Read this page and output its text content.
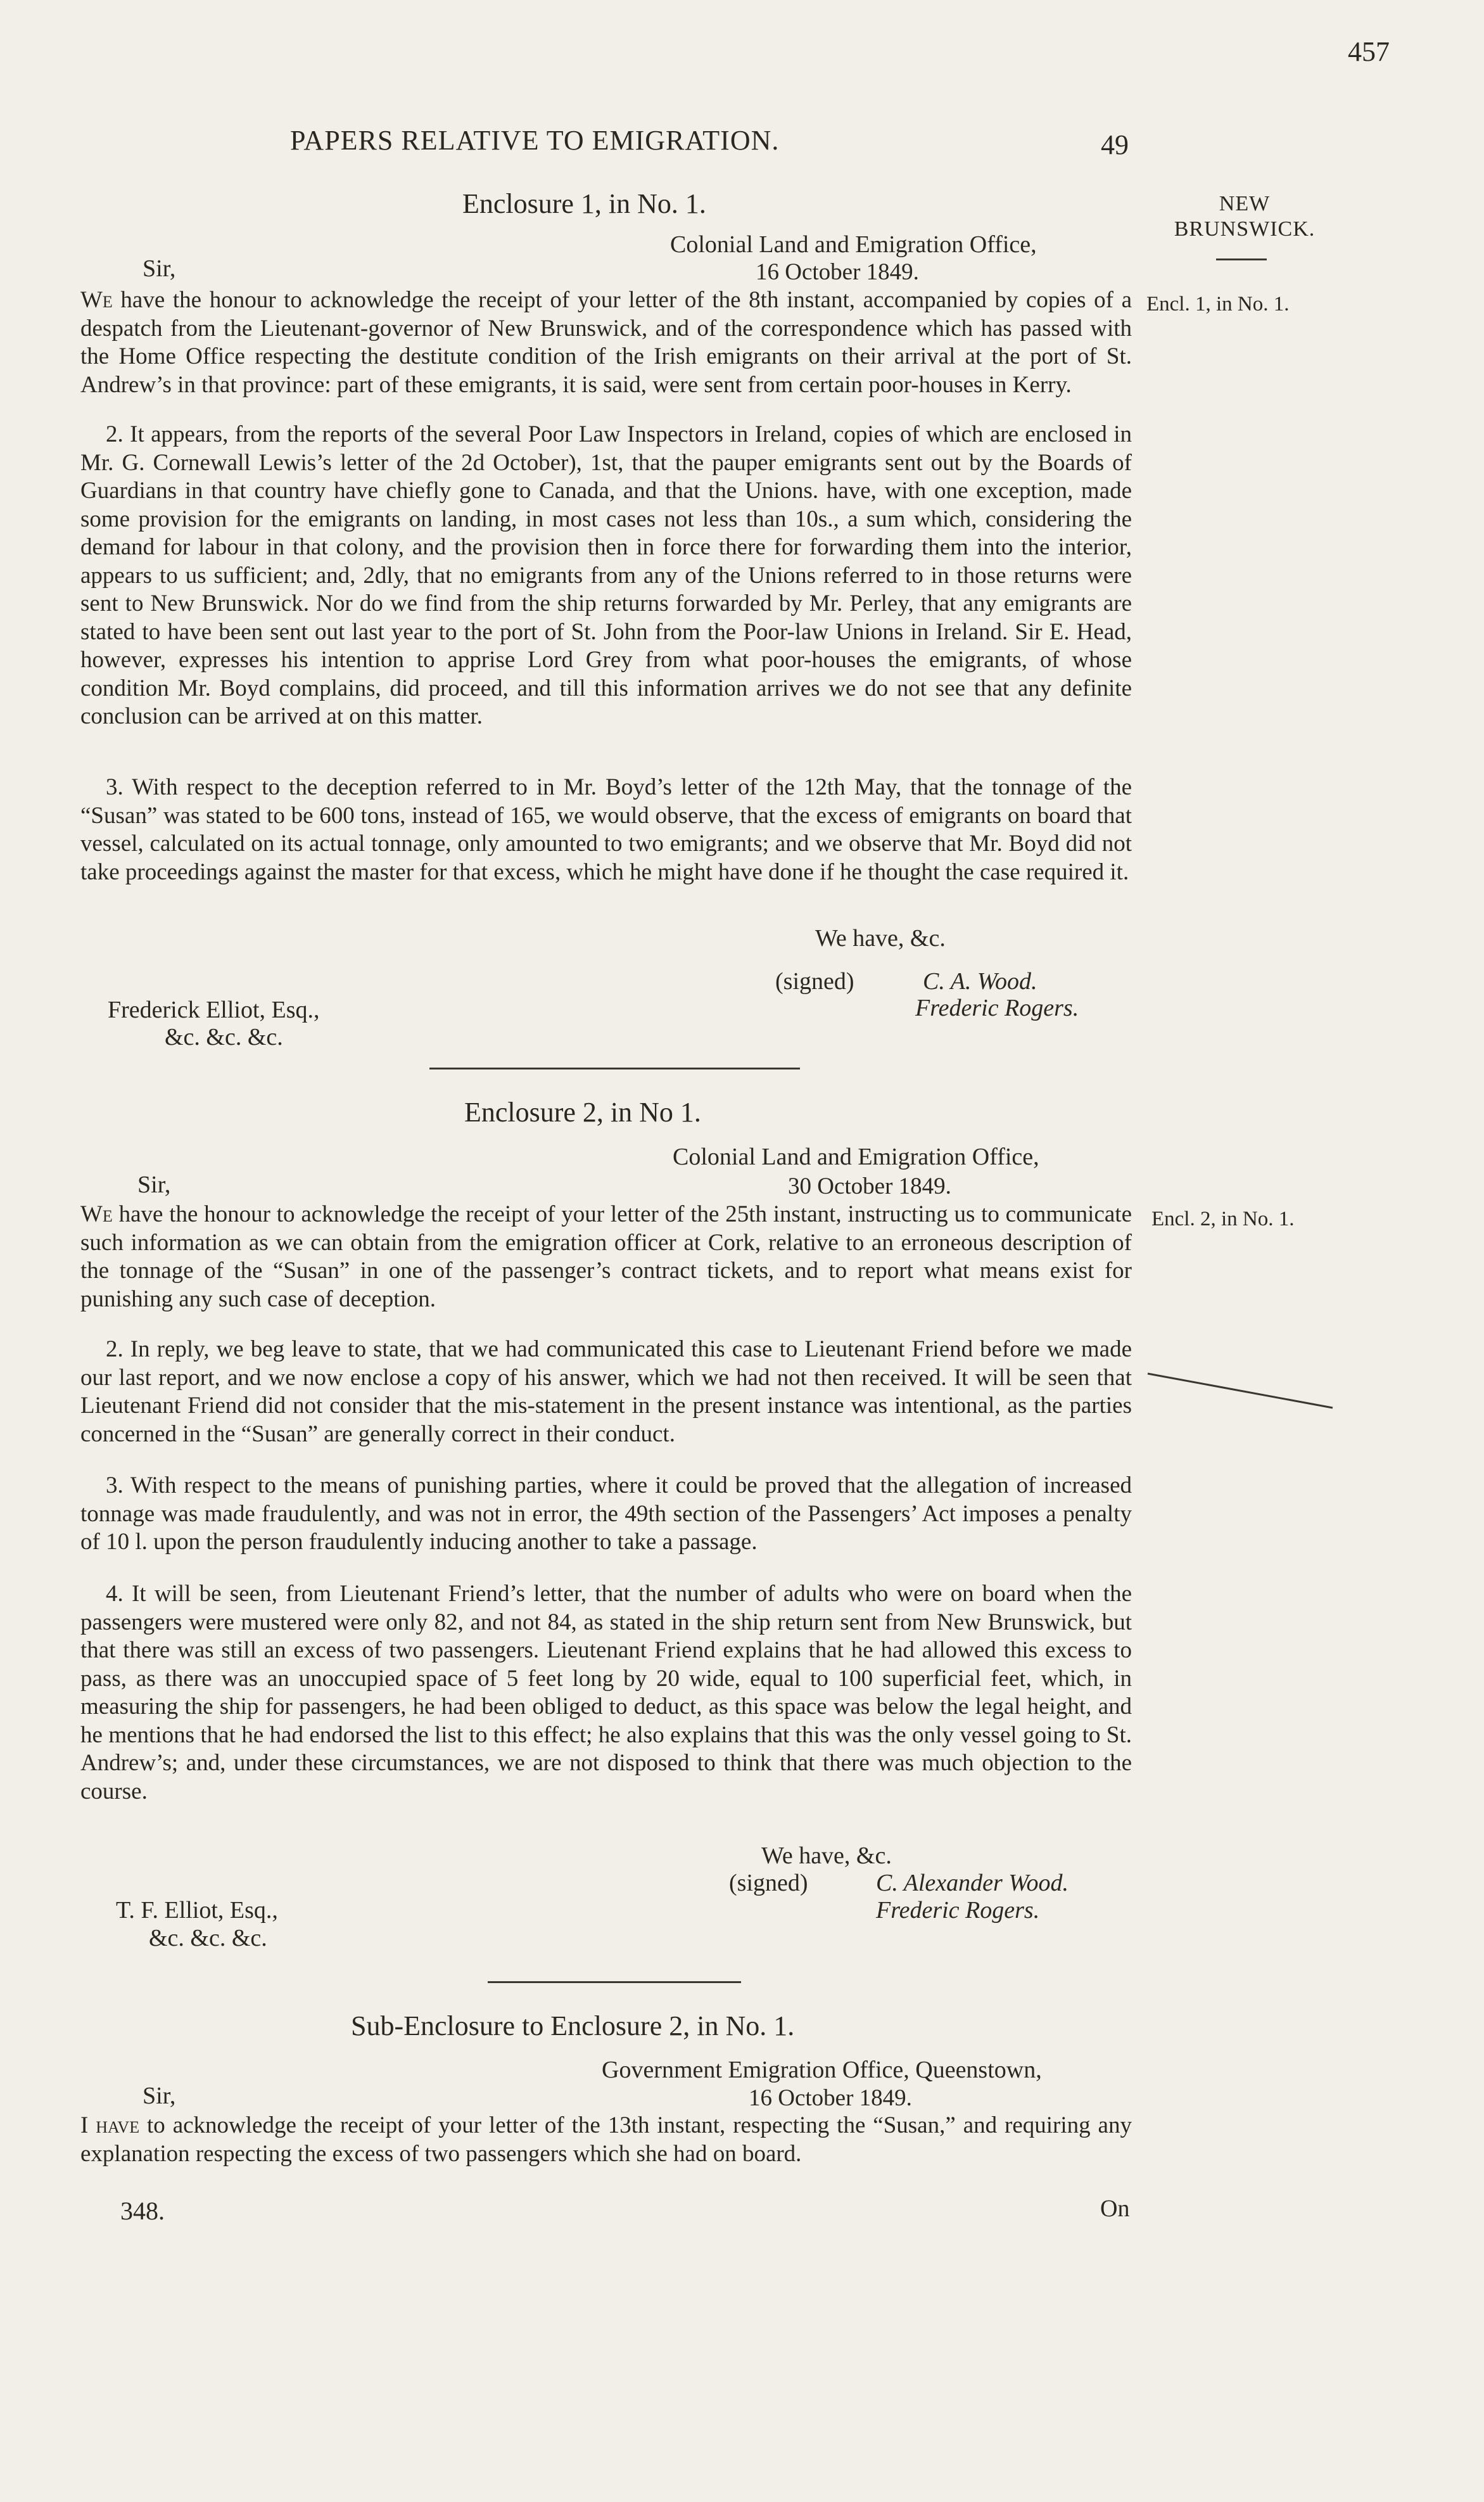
457
PAPERS RELATIVE TO EMIGRATION.	49
NEW
BRUNSWICK.
Encl. 1, in No. 1.
Encl. 2, in No. 1.
Enclosure 1, in No. 1.
Colonial Land and Emigration Office,
Sir,	16 October 1849.

We have the honour to acknowledge the receipt of your letter of the 8th instant, accompanied by copies of a despatch from the Lieutenant-governor of New Brunswick, and of the correspondence which has passed with the Home Office respecting the destitute condition of the Irish emigrants on their arrival at the port of St. Andrew’s in that province: part of these emigrants, it is said, were sent from certain poor-houses in Kerry.

2. It appears, from the reports of the several Poor Law Inspectors in Ireland, copies of which are enclosed in Mr. G. Cornewall Lewis’s letter of the 2d October), 1st, that the pauper emigrants sent out by the Boards of Guardians in that country have chiefly gone to Canada, and that the Unions. have, with one exception, made some provision for the emigrants on landing, in most cases not less than 10s., a sum which, considering the demand for labour in that colony, and the provision then in force there for forwarding them into the interior, appears to us sufficient; and, 2dly, that no emigrants from any of the Unions referred to in those returns were sent to New Brunswick. Nor do we find from the ship returns forwarded by Mr. Perley, that any emigrants are stated to have been sent out last year to the port of St. John from the Poor-law Unions in Ireland. Sir E. Head, however, expresses his intention to apprise Lord Grey from what poor-houses the emigrants, of whose condition Mr. Boyd complains, did proceed, and till this information arrives we do not see that any definite conclusion can be arrived at on this matter.

3. With respect to the deception referred to in Mr. Boyd’s letter of the 12th May, that the tonnage of the “Susan” was stated to be 600 tons, instead of 165, we would observe, that the excess of emigrants on board that vessel, calculated on its actual tonnage, only amounted to two emigrants; and we observe that Mr. Boyd did not take proceedings against the master for that excess, which he might have done if he thought the case required it.

We have, &c.
(signed)	C. A. Wood.
Frederic Rogers.
Frederick Elliot, Esq.,
&c. &c. &c.
Enclosure 2, in No 1.
Colonial Land and Emigration Office,
Sir,	30 October 1849.

We have the honour to acknowledge the receipt of your letter of the 25th instant, instructing us to communicate such information as we can obtain from the emigration officer at Cork, relative to an erroneous description of the tonnage of the “Susan” in one of the passenger’s contract tickets, and to report what means exist for punishing any such case of deception.

2. In reply, we beg leave to state, that we had communicated this case to Lieutenant Friend before we made our last report, and we now enclose a copy of his answer, which we had not then received. It will be seen that Lieutenant Friend did not consider that the mis-statement in the present instance was intentional, as the parties concerned in the “Susan” are generally correct in their conduct.

3. With respect to the means of punishing parties, where it could be proved that the allegation of increased tonnage was made fraudulently, and was not in error, the 49th section of the Passengers’ Act imposes a penalty of 10 l. upon the person fraudulently inducing another to take a passage.

4. It will be seen, from Lieutenant Friend’s letter, that the number of adults who were on board when the passengers were mustered were only 82, and not 84, as stated in the ship return sent from New Brunswick, but that there was still an excess of two passengers. Lieutenant Friend explains that he had allowed this excess to pass, as there was an unoccupied space of 5 feet long by 20 wide, equal to 100 superficial feet, which, in measuring the ship for passengers, he had been obliged to deduct, as this space was below the legal height, and he mentions that he had endorsed the list to this effect; he also explains that this was the only vessel going to St. Andrew’s; and, under these circumstances, we are not disposed to think that there was much objection to the course.

We have, &c.
(signed)	C. Alexander Wood.
Frederic Rogers.
T. F. Elliot, Esq.,
&c. &c. &c.
Sub-Enclosure to Enclosure 2, in No. 1.
Government Emigration Office, Queenstown,
Sir,	16 October 1849.

I have to acknowledge the receipt of your letter of the 13th instant, respecting the “Susan,” and requiring any explanation respecting the excess of two passengers which she had on board.

348.	On
